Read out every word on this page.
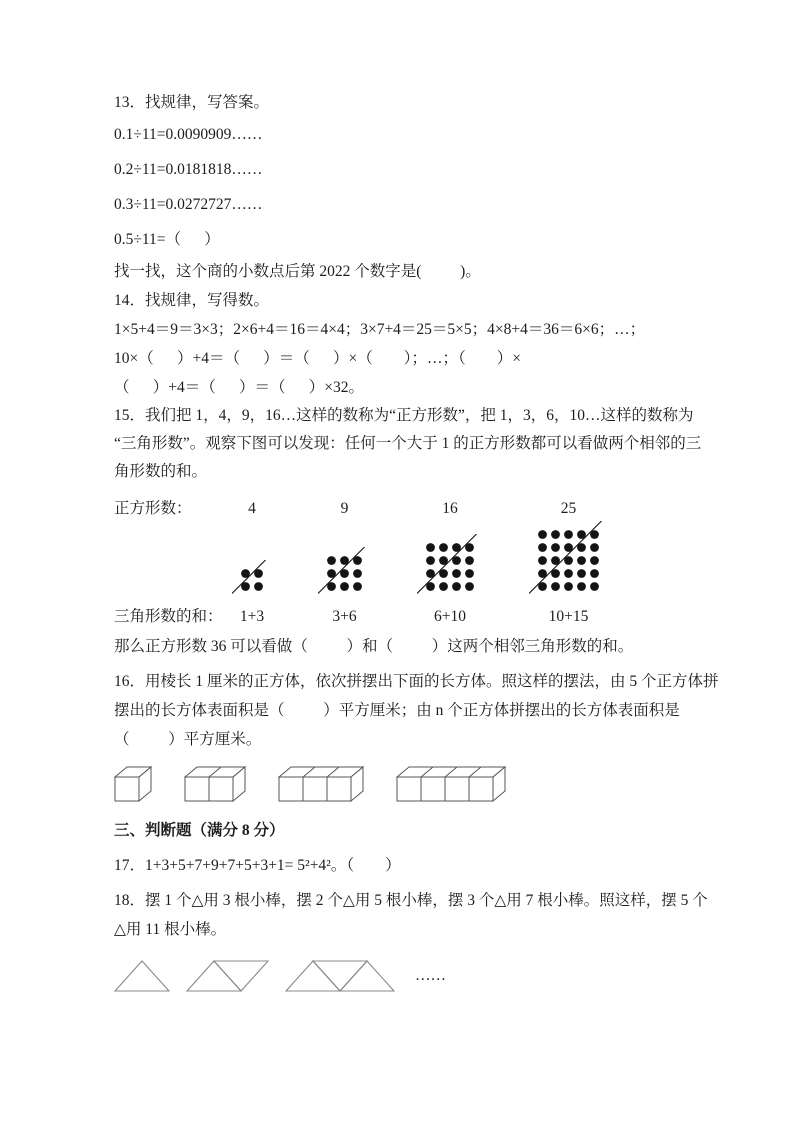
13．找规律，写答案。

0.1÷11=0.0090909……

0.2÷11=0.0181818……

0.3÷11=0.0272727……

0.5÷11=（      ）

找一找，这个商的小数点后第 2022 个数字是(          )。

14．找规律，写得数。

1×5+4＝9＝3×3；2×6+4＝16＝4×4；3×7+4＝25＝5×5；4×8+4＝36＝6×6；…；

10×（      ）+4＝（      ）＝（      ）×（        ）；…；（        ）×

（      ）+4＝（      ）＝（      ）×32。

15．我们把 1，4，9，16…这样的数称为“正方形数”，把 1，3，6，10…这样的数称为

“三角形数”。观察下图可以发现：任何一个大于 1 的正方形数都可以看做两个相邻的三

角形数的和。

正方形数：
三角形数的和：
4
1+3
9
3+6
16
6+10
25
10+15

那么正方形数 36 可以看做（          ）和（          ）这两个相邻三角形数的和。

16．用棱长 1 厘米的正方体，依次拼摆出下面的长方体。照这样的摆法，由 5 个正方体拼

摆出的长方体表面积是（          ）平方厘米；由 n 个正方体拼摆出的长方体表面积是

（          ）平方厘米。

三、判断题（满分 8 分）

17．1+3+5+7+9+7+5+3+1= 5²+4²。（        ）

18．摆 1 个△用 3 根小棒，摆 2 个△用 5 根小棒，摆 3 个△用 7 根小棒。照这样，摆 5 个

△用 11 根小棒。

……
